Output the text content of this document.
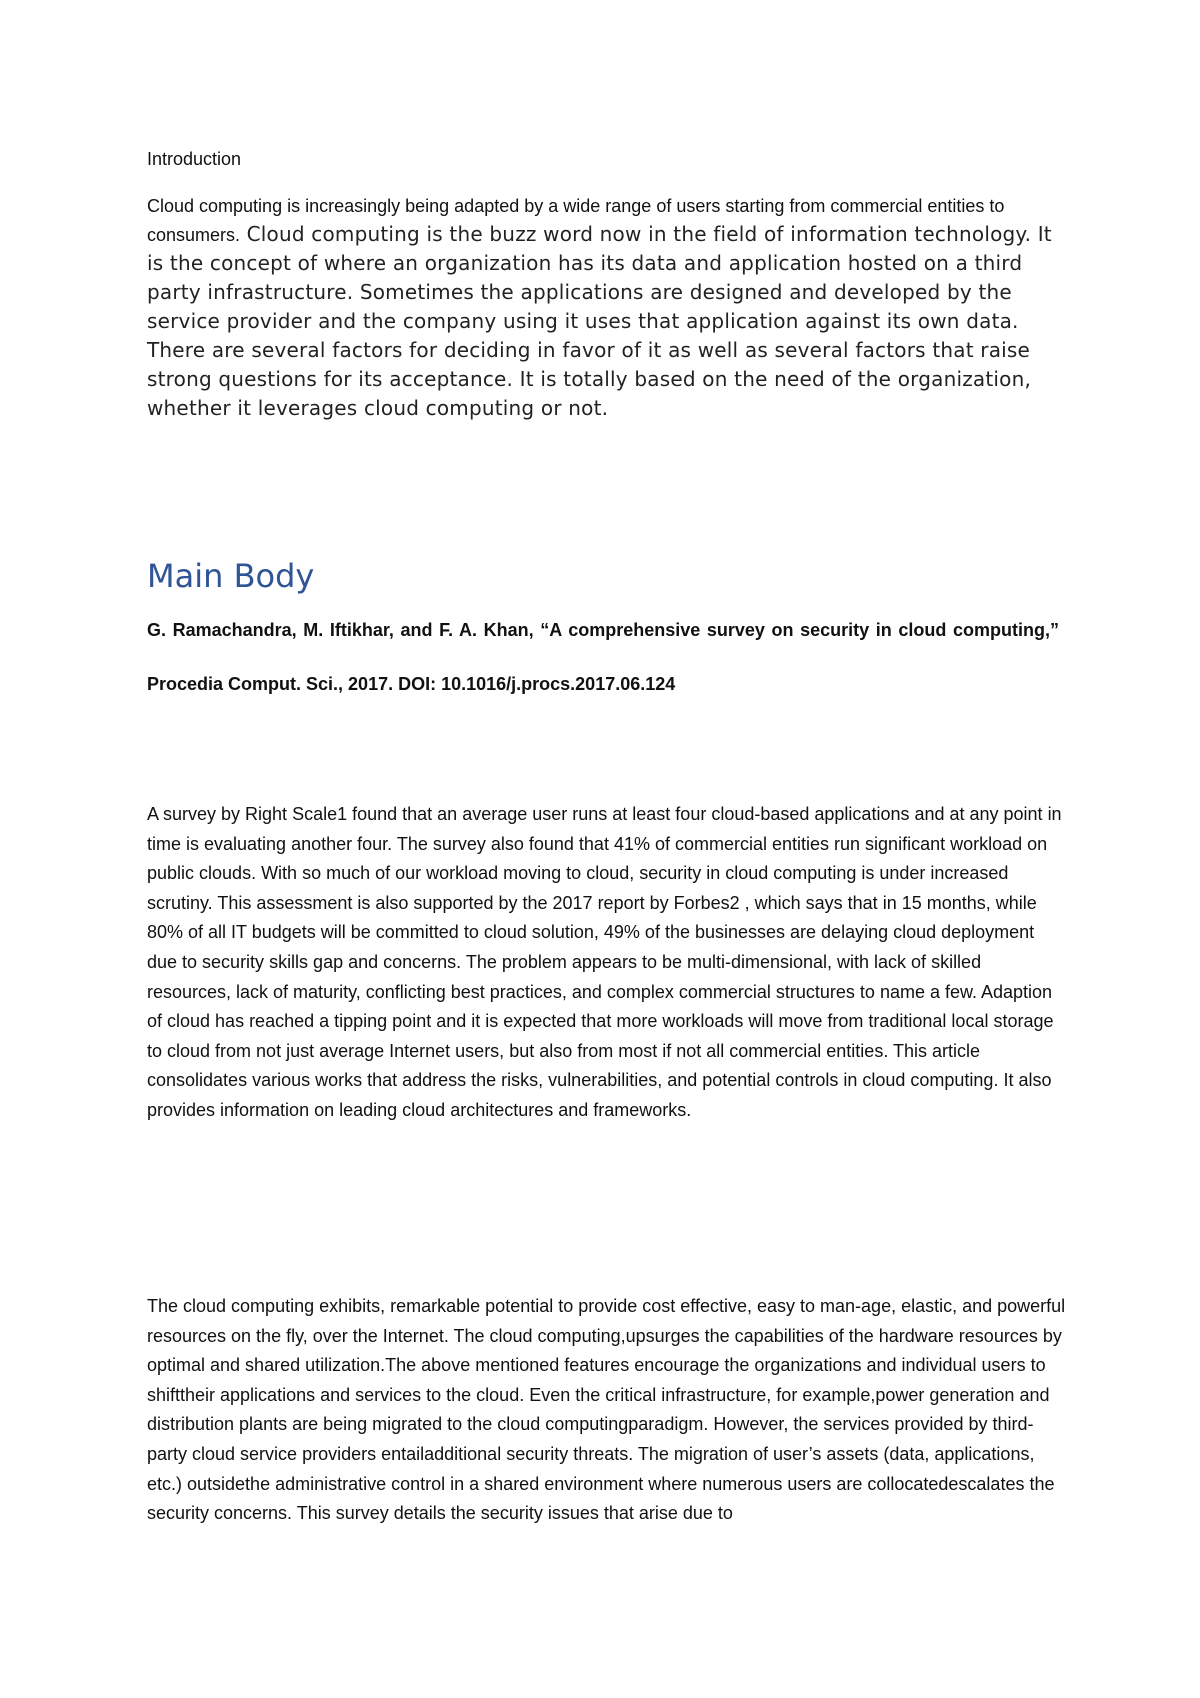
Introduction

Cloud computing is increasingly being adapted by a wide range of users starting from commercial entities to consumers. Cloud computing is the buzz word now in the field of information technology. It is the concept of where an organization has its data and application hosted on a third party infrastructure. Sometimes the applications are designed and developed by the service provider and the company using it uses that application against its own data. There are several factors for deciding in favor of it as well as several factors that raise strong questions for its acceptance. It is totally based on the need of the organization, whether it leverages cloud computing or not.

Main Body

G. Ramachandra, M. Iftikhar, and F. A. Khan, “A comprehensive survey on security in cloud computing,” Procedia Comput. Sci., 2017. DOI: 10.1016/j.procs.2017.06.124

A survey by Right Scale1 found that an average user runs at least four cloud-based applications and at any point in time is evaluating another four. The survey also found that 41% of commercial entities run significant workload on public clouds. With so much of our workload moving to cloud, security in cloud computing is under increased scrutiny. This assessment is also supported by the 2017 report by Forbes2 , which says that in 15 months, while 80% of all IT budgets will be committed to cloud solution, 49% of the businesses are delaying cloud deployment due to security skills gap and concerns. The problem appears to be multi-dimensional, with lack of skilled resources, lack of maturity, conflicting best practices, and complex commercial structures to name a few. Adaption of cloud has reached a tipping point and it is expected that more workloads will move from traditional local storage to cloud from not just average Internet users, but also from most if not all commercial entities. This article consolidates various works that address the risks, vulnerabilities, and potential controls in cloud computing. It also provides information on leading cloud architectures and frameworks.

The cloud computing exhibits, remarkable potential to provide cost effective, easy to man-age, elastic, and powerful resources on the fly, over the Internet. The cloud computing,upsurges the capabilities of the hardware resources by optimal and shared utilization.The above mentioned features encourage the organizations and individual users to shifttheir applications and services to the cloud. Even the critical infrastructure, for example,power generation and distribution plants are being migrated to the cloud computingparadigm. However, the services provided by third-party cloud service providers entailadditional security threats. The migration of user’s assets (data, applications, etc.) outsidethe administrative control in a shared environment where numerous users are collocatedescalates the security concerns. This survey details the security issues that arise due to
